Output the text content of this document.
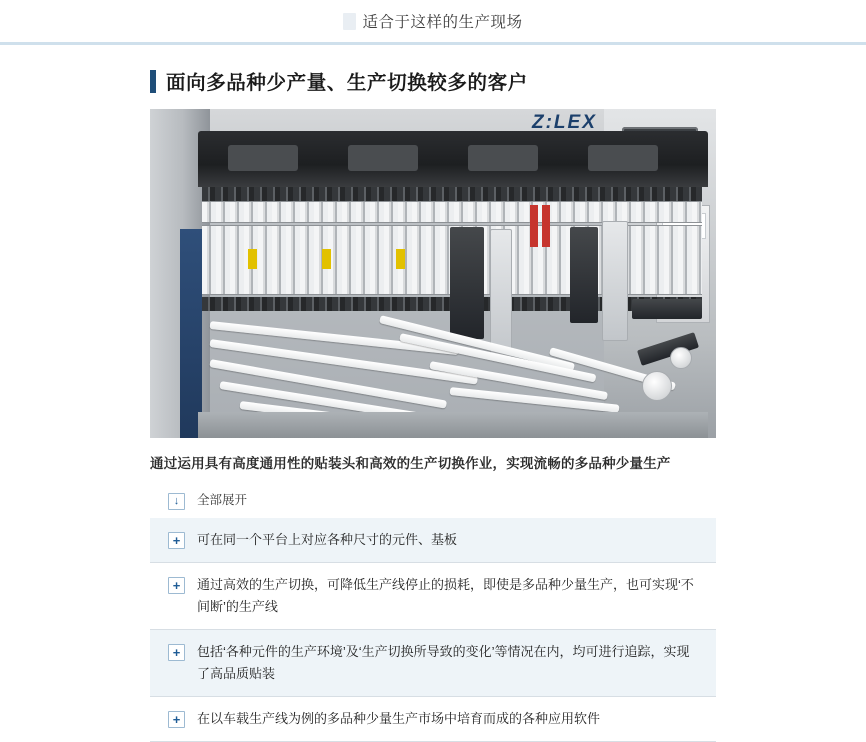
适合于这样的生产现场
面向多品种少产量、生产切换较多的客户
Z:LEX
通过运用具有高度通用性的贴装头和高效的生产切换作业，实现流畅的多品种少量生产
↓	全部展开
+	可在同一个平台上对应各种尺寸的元件、基板
+	通过高效的生产切换，可降低生产线停止的损耗，即使是多品种少量生产，也可实现‘不间断’的生产线
+	包括‘各种元件的生产环境’及‘生产切换所导致的变化’等情况在内，均可进行追踪，实现了高品质贴装
+	在以车载生产线为例的多品种少量生产市场中培育而成的各种应用软件
